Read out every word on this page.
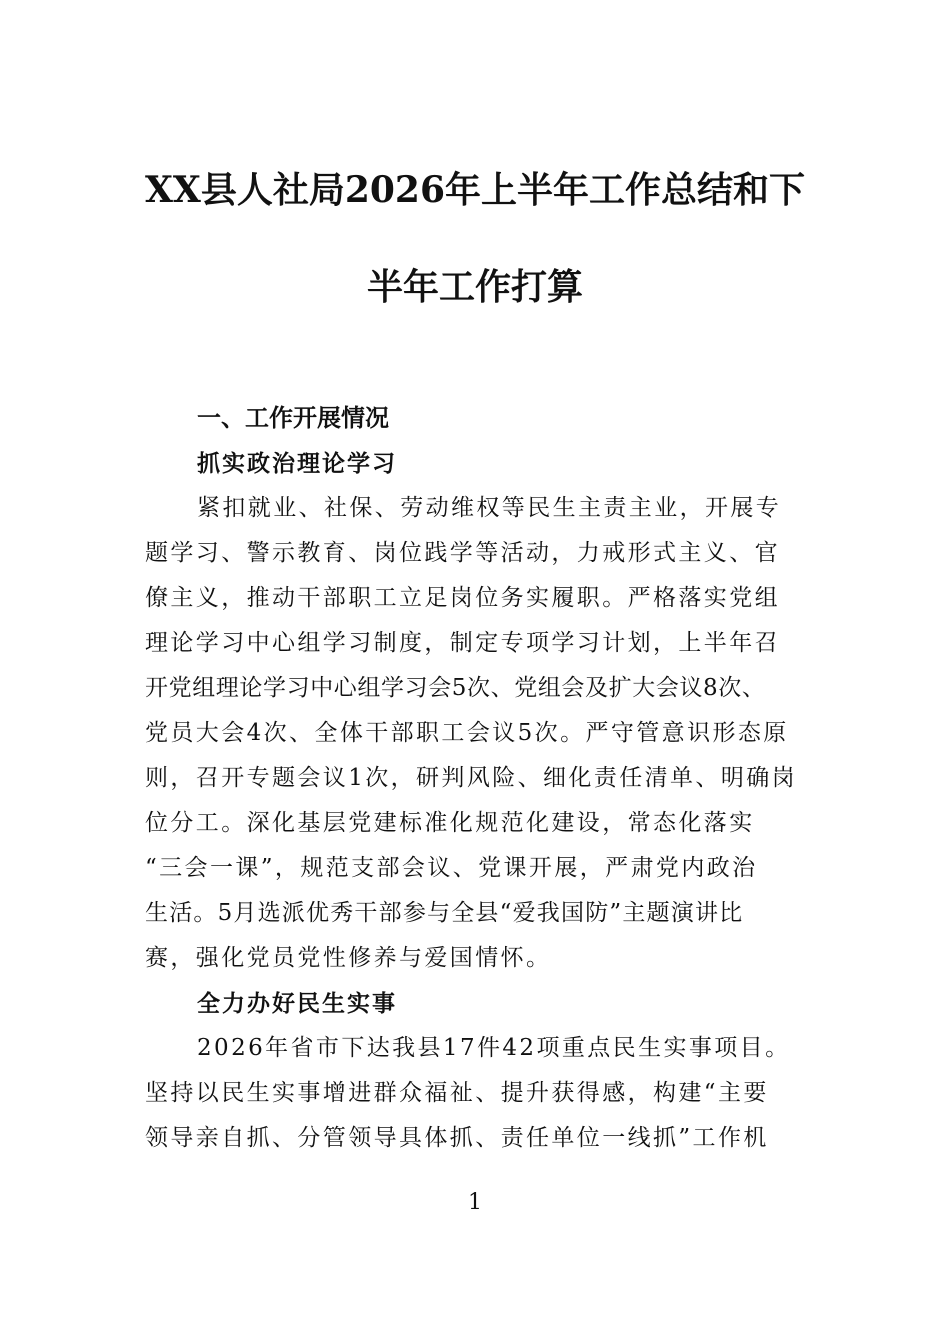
XX县人社局2026年上半年工作总结和下
半年工作打算
一、工作开展情况
抓实政治理论学习

紧扣就业、社保、劳动维权等民生主责主业，开展专
题学习、警示教育、岗位践学等活动，力戒形式主义、官
僚主义，推动干部职工立足岗位务实履职。严格落实党组
理论学习中心组学习制度，制定专项学习计划，上半年召
开党组理论学习中心组学习会5次、党组会及扩大会议8次、
党员大会4次、全体干部职工会议5次。严守管意识形态原
则，召开专题会议1次，研判风险、细化责任清单、明确岗
位分工。深化基层党建标准化规范化建设，常态化落实
“三会一课”，规范支部会议、党课开展，严肃党内政治
生活。5月选派优秀干部参与全县“爱我国防”主题演讲比
赛，强化党员党性修养与爱国情怀。

全力办好民生实事

2026年省市下达我县17件42项重点民生实事项目。
坚持以民生实事增进群众福祉、提升获得感，构建“主要
领导亲自抓、分管领导具体抓、责任单位一线抓”工作机

1
